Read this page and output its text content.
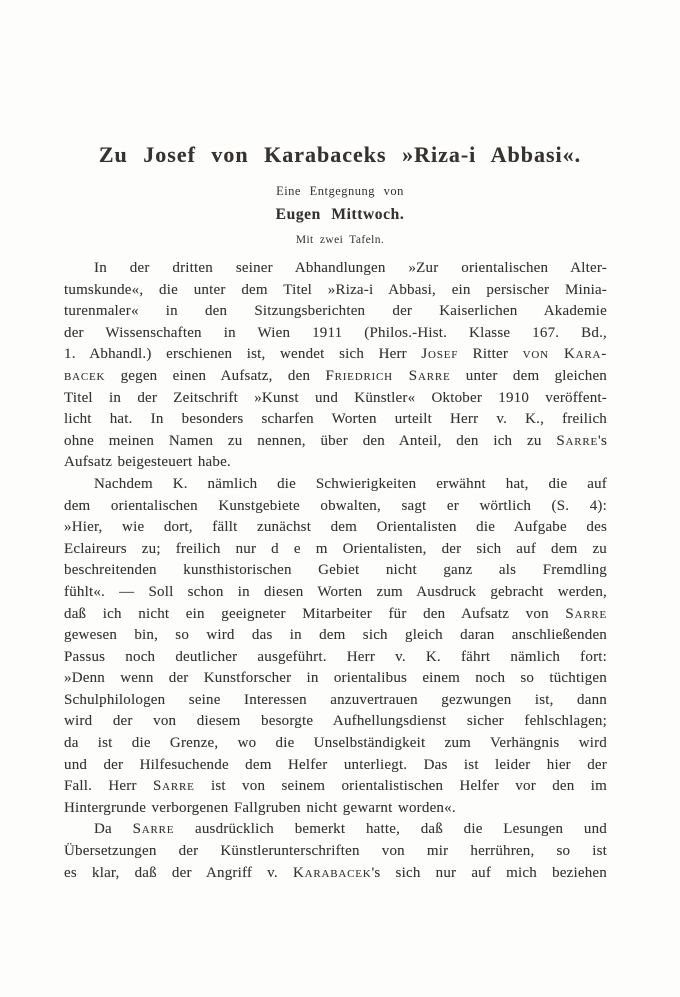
Zu Josef von Karabaceks »Riza-i Abbasi«.
Eine Entgegnung von
Eugen Mittwoch.
Mit zwei Tafeln.
In der dritten seiner Abhandlungen »Zur orientalischen Alter-
tumskunde«, die unter dem Titel »Riza-i Abbasi, ein persischer Minia-
turenmaler« in den Sitzungsberichten der Kaiserlichen Akademie
der Wissenschaften in Wien 1911 (Philos.-Hist. Klasse 167. Bd.,
1. Abhandl.) erschienen ist, wendet sich Herr Josef Ritter von Kara-
bacek gegen einen Aufsatz, den Friedrich Sarre unter dem gleichen
Titel in der Zeitschrift »Kunst und Künstler« Oktober 1910 veröffent-
licht hat. In besonders scharfen Worten urteilt Herr v. K., freilich
ohne meinen Namen zu nennen, über den Anteil, den ich zu Sarre's
Aufsatz beigesteuert habe.
Nachdem K. nämlich die Schwierigkeiten erwähnt hat, die auf
dem orientalischen Kunstgebiete obwalten, sagt er wörtlich (S. 4):
»Hier, wie dort, fällt zunächst dem Orientalisten die Aufgabe des
Eclaireurs zu; freilich nur d e m Orientalisten, der sich auf dem zu
beschreitenden kunsthistorischen Gebiet nicht ganz als Fremdling
fühlt«. — Soll schon in diesen Worten zum Ausdruck gebracht werden,
daß ich nicht ein geeigneter Mitarbeiter für den Aufsatz von Sarre
gewesen bin, so wird das in dem sich gleich daran anschließenden
Passus noch deutlicher ausgeführt. Herr v. K. fährt nämlich fort:
»Denn wenn der Kunstforscher in orientalibus einem noch so tüchtigen
Schulphilologen seine Interessen anzuvertrauen gezwungen ist, dann
wird der von diesem besorgte Aufhellungsdienst sicher fehlschlagen;
da ist die Grenze, wo die Unselbständigkeit zum Verhängnis wird
und der Hilfesuchende dem Helfer unterliegt. Das ist leider hier der
Fall. Herr Sarre ist von seinem orientalistischen Helfer vor den im
Hintergrunde verborgenen Fallgruben nicht gewarnt worden«.
Da Sarre ausdrücklich bemerkt hatte, daß die Lesungen und
Übersetzungen der Künstlerunterschriften von mir herrühren, so ist
es klar, daß der Angriff v. Karabacek's sich nur auf mich beziehen
